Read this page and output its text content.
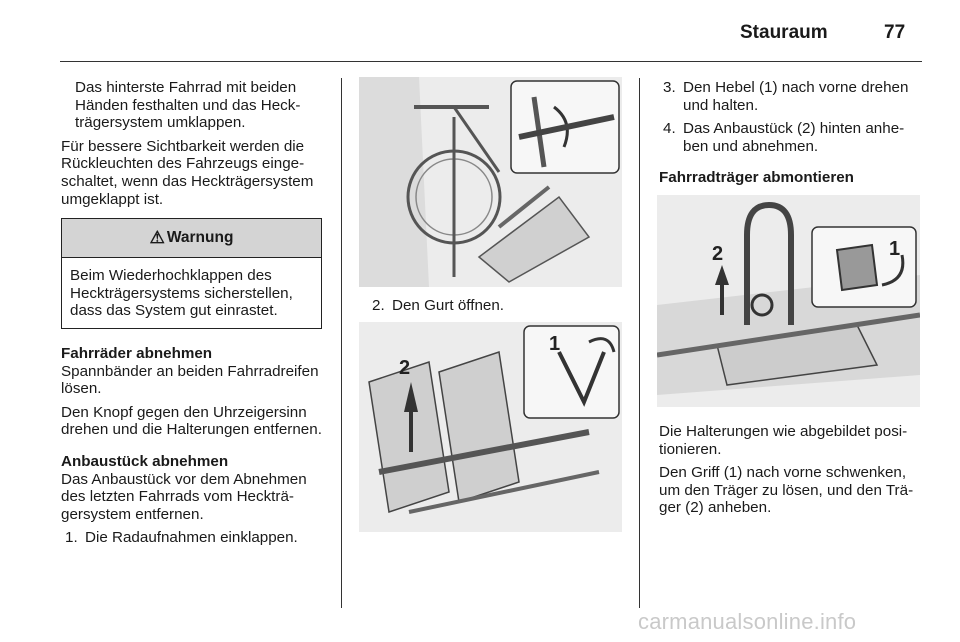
Stauraum	77

Das hinterste Fahrrad mit beiden Händen festhalten und das Heckträgersystem umklappen.

Für bessere Sichtbarkeit werden die Rückleuchten des Fahrzeugs eingeschaltet, wenn das Heckträgersystem umgeklappt ist.

⚠ Warnung
Beim Wiederhochklappen des Heckträgersystems sicherstellen, dass das System gut einrastet.
Fahrräder abnehmen

Spannbänder an beiden Fahrradreifen lösen.

Den Knopf gegen den Uhrzeigersinn drehen und die Halterungen entfernen.

Anbaustück abnehmen

Das Anbaustück vor dem Abnehmen des letzten Fahrrads vom Heckträgersystem entfernen.

1. Die Radaufnahmen einklappen.
2. Den Gurt öffnen.
2
1
3. Den Hebel (1) nach vorne drehen und halten.
4. Das Anbaustück (2) hinten anheben und abnehmen.
Fahrradträger abmontieren
2	1

Die Halterungen wie abgebildet positionieren.

Den Griff (1) nach vorne schwenken, um den Träger zu lösen, und den Träger (2) anheben.

carmanualsonline.info
